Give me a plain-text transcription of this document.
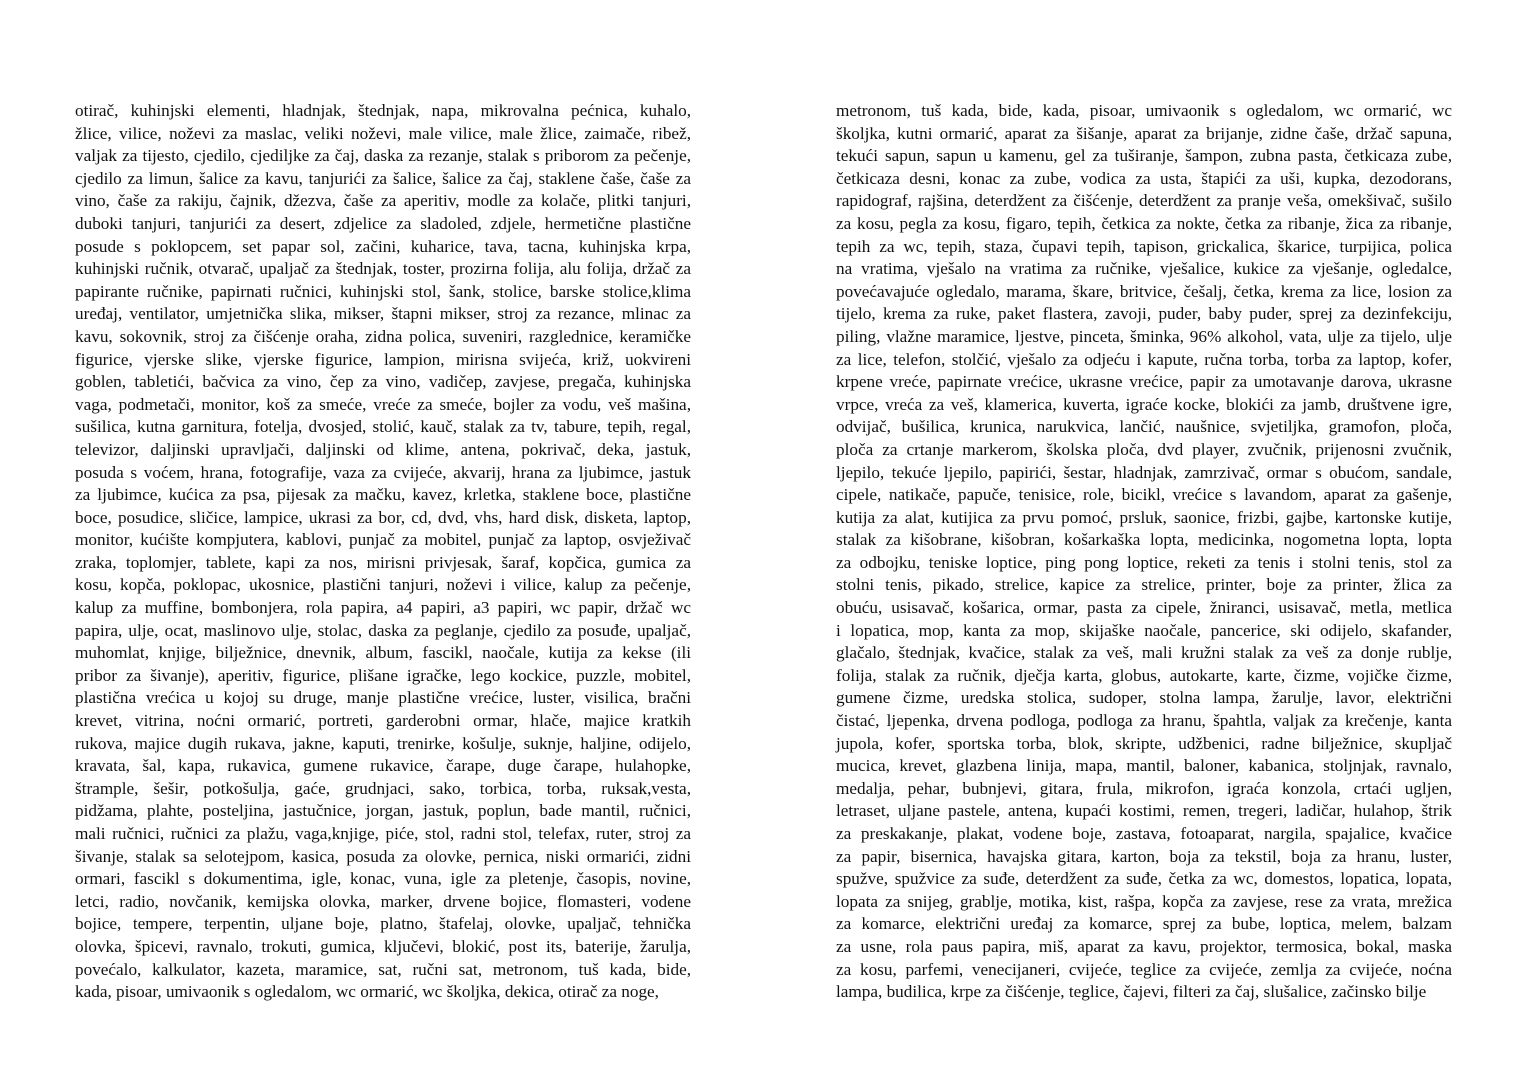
otirač, kuhinjski elementi, hladnjak, štednjak, napa, mikrovalna pećnica, kuhalo,
žlice, vilice, noževi za maslac, veliki noževi, male vilice, male žlice, zaimače, ribež,
valjak za tijesto, cjedilo, cjediljke za čaj, daska za rezanje, stalak s priborom za pečenje,
cjedilo za limun, šalice za kavu, tanjurići za šalice, šalice za čaj, staklene čaše, čaše za
vino, čaše za rakiju, čajnik, džezva, čaše za aperitiv, modle za kolače, plitki tanjuri,
duboki tanjuri, tanjurići za desert, zdjelice za sladoled, zdjele, hermetične plastične
posude s poklopcem, set papar sol, začini, kuharice, tava, tacna, kuhinjska krpa,
kuhinjski ručnik, otvarač, upaljač za štednjak, toster, prozirna folija, alu folija, držač za
papirante ručnike, papirnati ručnici, kuhinjski stol, šank, stolice, barske stolice,klima
uređaj, ventilator, umjetnička slika, mikser, štapni mikser, stroj za rezance, mlinac za
kavu, sokovnik, stroj za čišćenje oraha, zidna polica, suveniri, razglednice, keramičke
figurice, vjerske slike, vjerske figurice, lampion, mirisna svijeća, križ, uokvireni
goblen, tabletići, bačvica za vino, čep za vino, vadičep, zavjese, pregača, kuhinjska
vaga, podmetači, monitor, koš za smeće, vreće za smeće, bojler za vodu, veš mašina,
sušilica, kutna garnitura, fotelja, dvosjed, stolić, kauč, stalak za tv, tabure, tepih, regal,
televizor, daljinski upravljači, daljinski od klime, antena, pokrivač, deka, jastuk,
posuda s voćem, hrana, fotografije, vaza za cvijeće, akvarij, hrana za ljubimce, jastuk
za ljubimce, kućica za psa, pijesak za mačku, kavez, krletka, staklene boce, plastične
boce, posudice, sličice, lampice, ukrasi za bor, cd, dvd, vhs, hard disk, disketa, laptop,
monitor, kućište kompjutera, kablovi, punjač za mobitel, punjač za laptop, osvježivač
zraka, toplomjer, tablete, kapi za nos, mirisni privjesak, šaraf, kopčica, gumica za
kosu, kopča, poklopac, ukosnice, plastični tanjuri, noževi i vilice, kalup za pečenje,
kalup za muffine, bombonjera, rola papira, a4 papiri, a3 papiri, wc papir, držač wc
papira, ulje, ocat, maslinovo ulje, stolac, daska za peglanje, cjedilo za posuđe, upaljač,
muhomlat, knjige, bilježnice, dnevnik, album, fascikl, naočale, kutija za kekse (ili
pribor za šivanje), aperitiv, figurice, plišane igračke, lego kockice, puzzle, mobitel,
plastična vrećica u kojoj su druge, manje plastične vrećice, luster, visilica, bračni
krevet, vitrina, noćni ormarić, portreti, garderobni ormar, hlače, majice kratkih
rukova, majice dugih rukava, jakne, kaputi, trenirke, košulje, suknje, haljine, odijelo,
kravata, šal, kapa, rukavica, gumene rukavice, čarape, duge čarape, hulahopke,
štrample, šešir, potkošulja, gaće, grudnjaci, sako, torbica, torba, ruksak,vesta,
pidžama, plahte, posteljina, jastučnice, jorgan, jastuk, poplun, bade mantil, ručnici,
mali ručnici, ručnici za plažu, vaga,knjige, piće, stol, radni stol, telefax, ruter, stroj za
šivanje, stalak sa selotejpom, kasica, posuda za olovke, pernica, niski ormarići, zidni
ormari, fascikl s dokumentima, igle, konac, vuna, igle za pletenje, časopis, novine,
letci, radio, novčanik, kemijska olovka, marker, drvene bojice, flomasteri, vodene
bojice, tempere, terpentin, uljane boje, platno, štafelaj, olovke, upaljač, tehnička
olovka, špicevi, ravnalo, trokuti, gumica, ključevi, blokić, post its, baterije, žarulja,
povećalo, kalkulator, kazeta, maramice, sat, ručni sat, metronom, tuš kada, bide,
kada, pisoar, umivaonik s ogledalom, wc ormarić, wc školjka, dekica, otirač za noge,
metronom, tuš kada, bide, kada, pisoar, umivaonik s ogledalom, wc ormarić, wc
školjka, kutni ormarić, aparat za šišanje, aparat za brijanje, zidne čaše, držač sapuna,
tekući sapun, sapun u kamenu, gel za tuširanje, šampon, zubna pasta, četkicaza zube,
četkicaza desni, konac za zube, vodica za usta, štapići za uši, kupka, dezodorans,
rapidograf, rajšina, deterdžent za čišćenje, deterdžent za pranje veša, omekšivač, sušilo
za kosu, pegla za kosu, figaro, tepih, četkica za nokte, četka za ribanje, žica za ribanje,
tepih za wc, tepih, staza, čupavi tepih, tapison, grickalica, škarice, turpijica, polica
na vratima, vješalo na vratima za ručnike, vješalice, kukice za vješanje, ogledalce,
povećavajuće ogledalo, marama, škare, britvice, češalj, četka, krema za lice, losion za
tijelo, krema za ruke, paket flastera, zavoji, puder, baby puder, sprej za dezinfekciju,
piling, vlažne maramice, ljestve, pinceta, šminka, 96% alkohol, vata, ulje za tijelo, ulje
za lice, telefon, stolčić, vješalo za odjeću i kapute, ručna torba, torba za laptop, kofer,
krpene vreće, papirnate vrećice, ukrasne vrećice, papir za umotavanje darova, ukrasne
vrpce, vreća za veš, klamerica, kuverta, igraće kocke, blokići za jamb, društvene igre,
odvijač, bušilica, krunica, narukvica, lančić, naušnice, svjetiljka, gramofon, ploča,
ploča za crtanje markerom, školska ploča, dvd player, zvučnik, prijenosni zvučnik,
ljepilo, tekuće ljepilo, papirići, šestar, hladnjak, zamrzivač, ormar s obućom, sandale,
cipele, natikače, papuče, tenisice, role, bicikl, vrećice s lavandom, aparat za gašenje,
kutija za alat, kutijica za prvu pomoć, prsluk, saonice, frizbi, gajbe, kartonske kutije,
stalak za kišobrane, kišobran, košarkaška lopta, medicinka, nogometna lopta, lopta
za odbojku, teniske loptice, ping pong loptice, reketi za tenis i stolni tenis, stol za
stolni tenis, pikado, strelice, kapice za strelice, printer, boje za printer, žlica za
obuću, usisavač, košarica, ormar, pasta za cipele, žniranci, usisavač, metla, metlica
i lopatica, mop, kanta za mop, skijaške naočale, pancerice, ski odijelo, skafander,
glačalo, štednjak, kvačice, stalak za veš, mali kružni stalak za veš za donje rublje,
folija, stalak za ručnik, dječja karta, globus, autokarte, karte, čizme, vojičke čizme,
gumene čizme, uredska stolica, sudoper, stolna lampa, žarulje, lavor, električni
čistać, ljepenka, drvena podloga, podloga za hranu, špahtla, valjak za krečenje, kanta
jupola, kofer, sportska torba, blok, skripte, udžbenici, radne bilježnice, skupljač
mucica, krevet, glazbena linija, mapa, mantil, baloner, kabanica, stoljnjak, ravnalo,
medalja, pehar, bubnjevi, gitara, frula, mikrofon, igraća konzola, crtaći ugljen,
letraset, uljane pastele, antena, kupaći kostimi, remen, tregeri, ladičar, hulahop, štrik
za preskakanje, plakat, vodene boje, zastava, fotoaparat, nargila, spajalice, kvačice
za papir, bisernica, havajska gitara, karton, boja za tekstil, boja za hranu, luster,
spužve, spužvice za suđe, deterdžent za suđe, četka za wc, domestos, lopatica, lopata,
lopata za snijeg, grablje, motika, kist, rašpa, kopča za zavjese, rese za vrata, mrežica
za komarce, električni uređaj za komarce, sprej za bube, loptica, melem, balzam
za usne, rola paus papira, miš, aparat za kavu, projektor, termosica, bokal, maska
za kosu, parfemi, venecijaneri, cvijeće, teglice za cvijeće, zemlja za cvijeće, noćna
lampa, budilica, krpe za čišćenje, teglice, čajevi, filteri za čaj, slušalice, začinsko bilje
